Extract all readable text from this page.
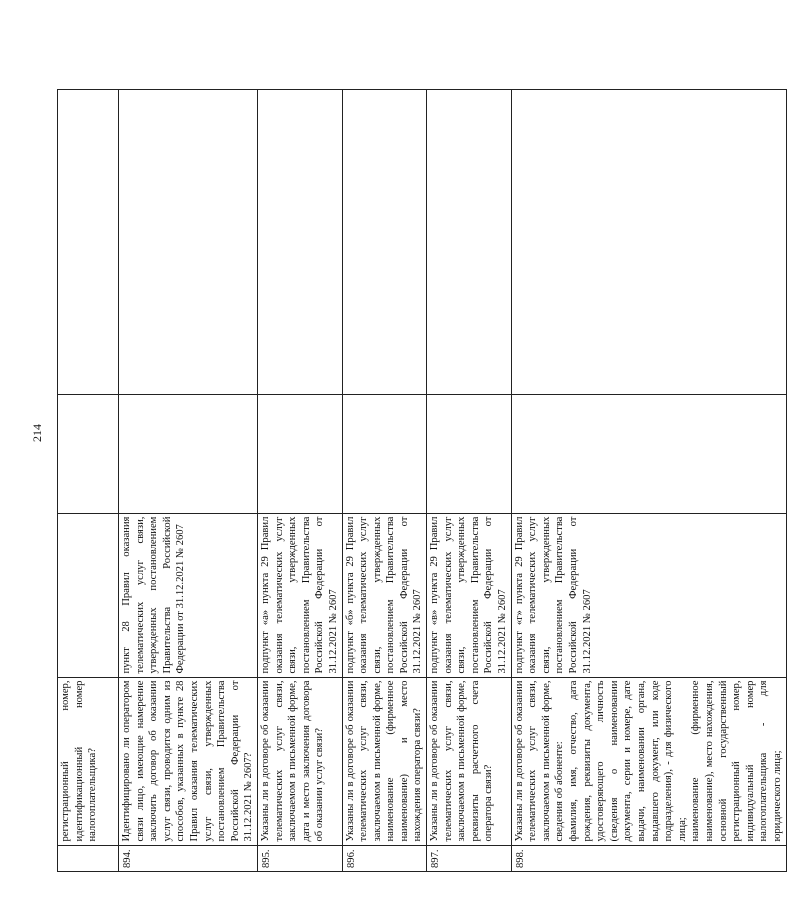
214
	регистрационный номер, идентификационный номер налогоплательщика?			
894.	Идентифицировано ли оператором связи лицо, имеющие намерение заключить договор об оказании услуг связи, проводится одним из способов, указанных в пункте 28 Правил оказания телематических услуг связи, утвержденных постановлением Правительства Российской Федерации от 31.12.2021 № 2607?	пункт 28 Правил оказания телематических услуг связи, утвержденных постановлением Правительства Российской Федерации от 31.12.2021 № 2607		
895.	Указаны ли в договоре об оказании телематических услуг связи, заключаемом в письменной форме, дата и место заключения договора об оказании услуг связи?	подпункт «а» пункта 29 Правил оказания телематических услуг связи, утвержденных постановлением Правительства Российской Федерации от 31.12.2021 № 2607		
896.	Указаны ли в договоре об оказании телематических услуг связи, заключаемом в письменной форме, наименование (фирменное наименование) и место нахождения оператора связи?	подпункт «б» пункта 29 Правил оказания телематических услуг связи, утвержденных постановлением Правительства Российской Федерации от 31.12.2021 № 2607		
897.	Указаны ли в договоре об оказании телематических услуг связи, заключаемом в письменной форме, реквизиты расчетного счета оператора связи?	подпункт «в» пункта 29 Правил оказания телематических услуг связи, утвержденных постановлением Правительства Российской Федерации от 31.12.2021 № 2607		
898.	Указаны ли в договоре об оказании телематических услуг связи, заключаемом в письменной форме, сведения об абоненте: фамилия, имя, отчество, дата рождения, реквизиты документа, удостоверяющего личность (сведения о наименовании документа, серии и номере, дате выдачи, наименовании органа, выдавшего документ, или коде подразделения), - для физического лица; наименование (фирменное наименование), место нахождения, основной государственный регистрационный номер, индивидуальный номер налогоплательщика - для юридического лица;	подпункт «г» пункта 29 Правил оказания телематических услуг связи, утвержденных постановлением Правительства Российской Федерации от 31.12.2021 № 2607		
